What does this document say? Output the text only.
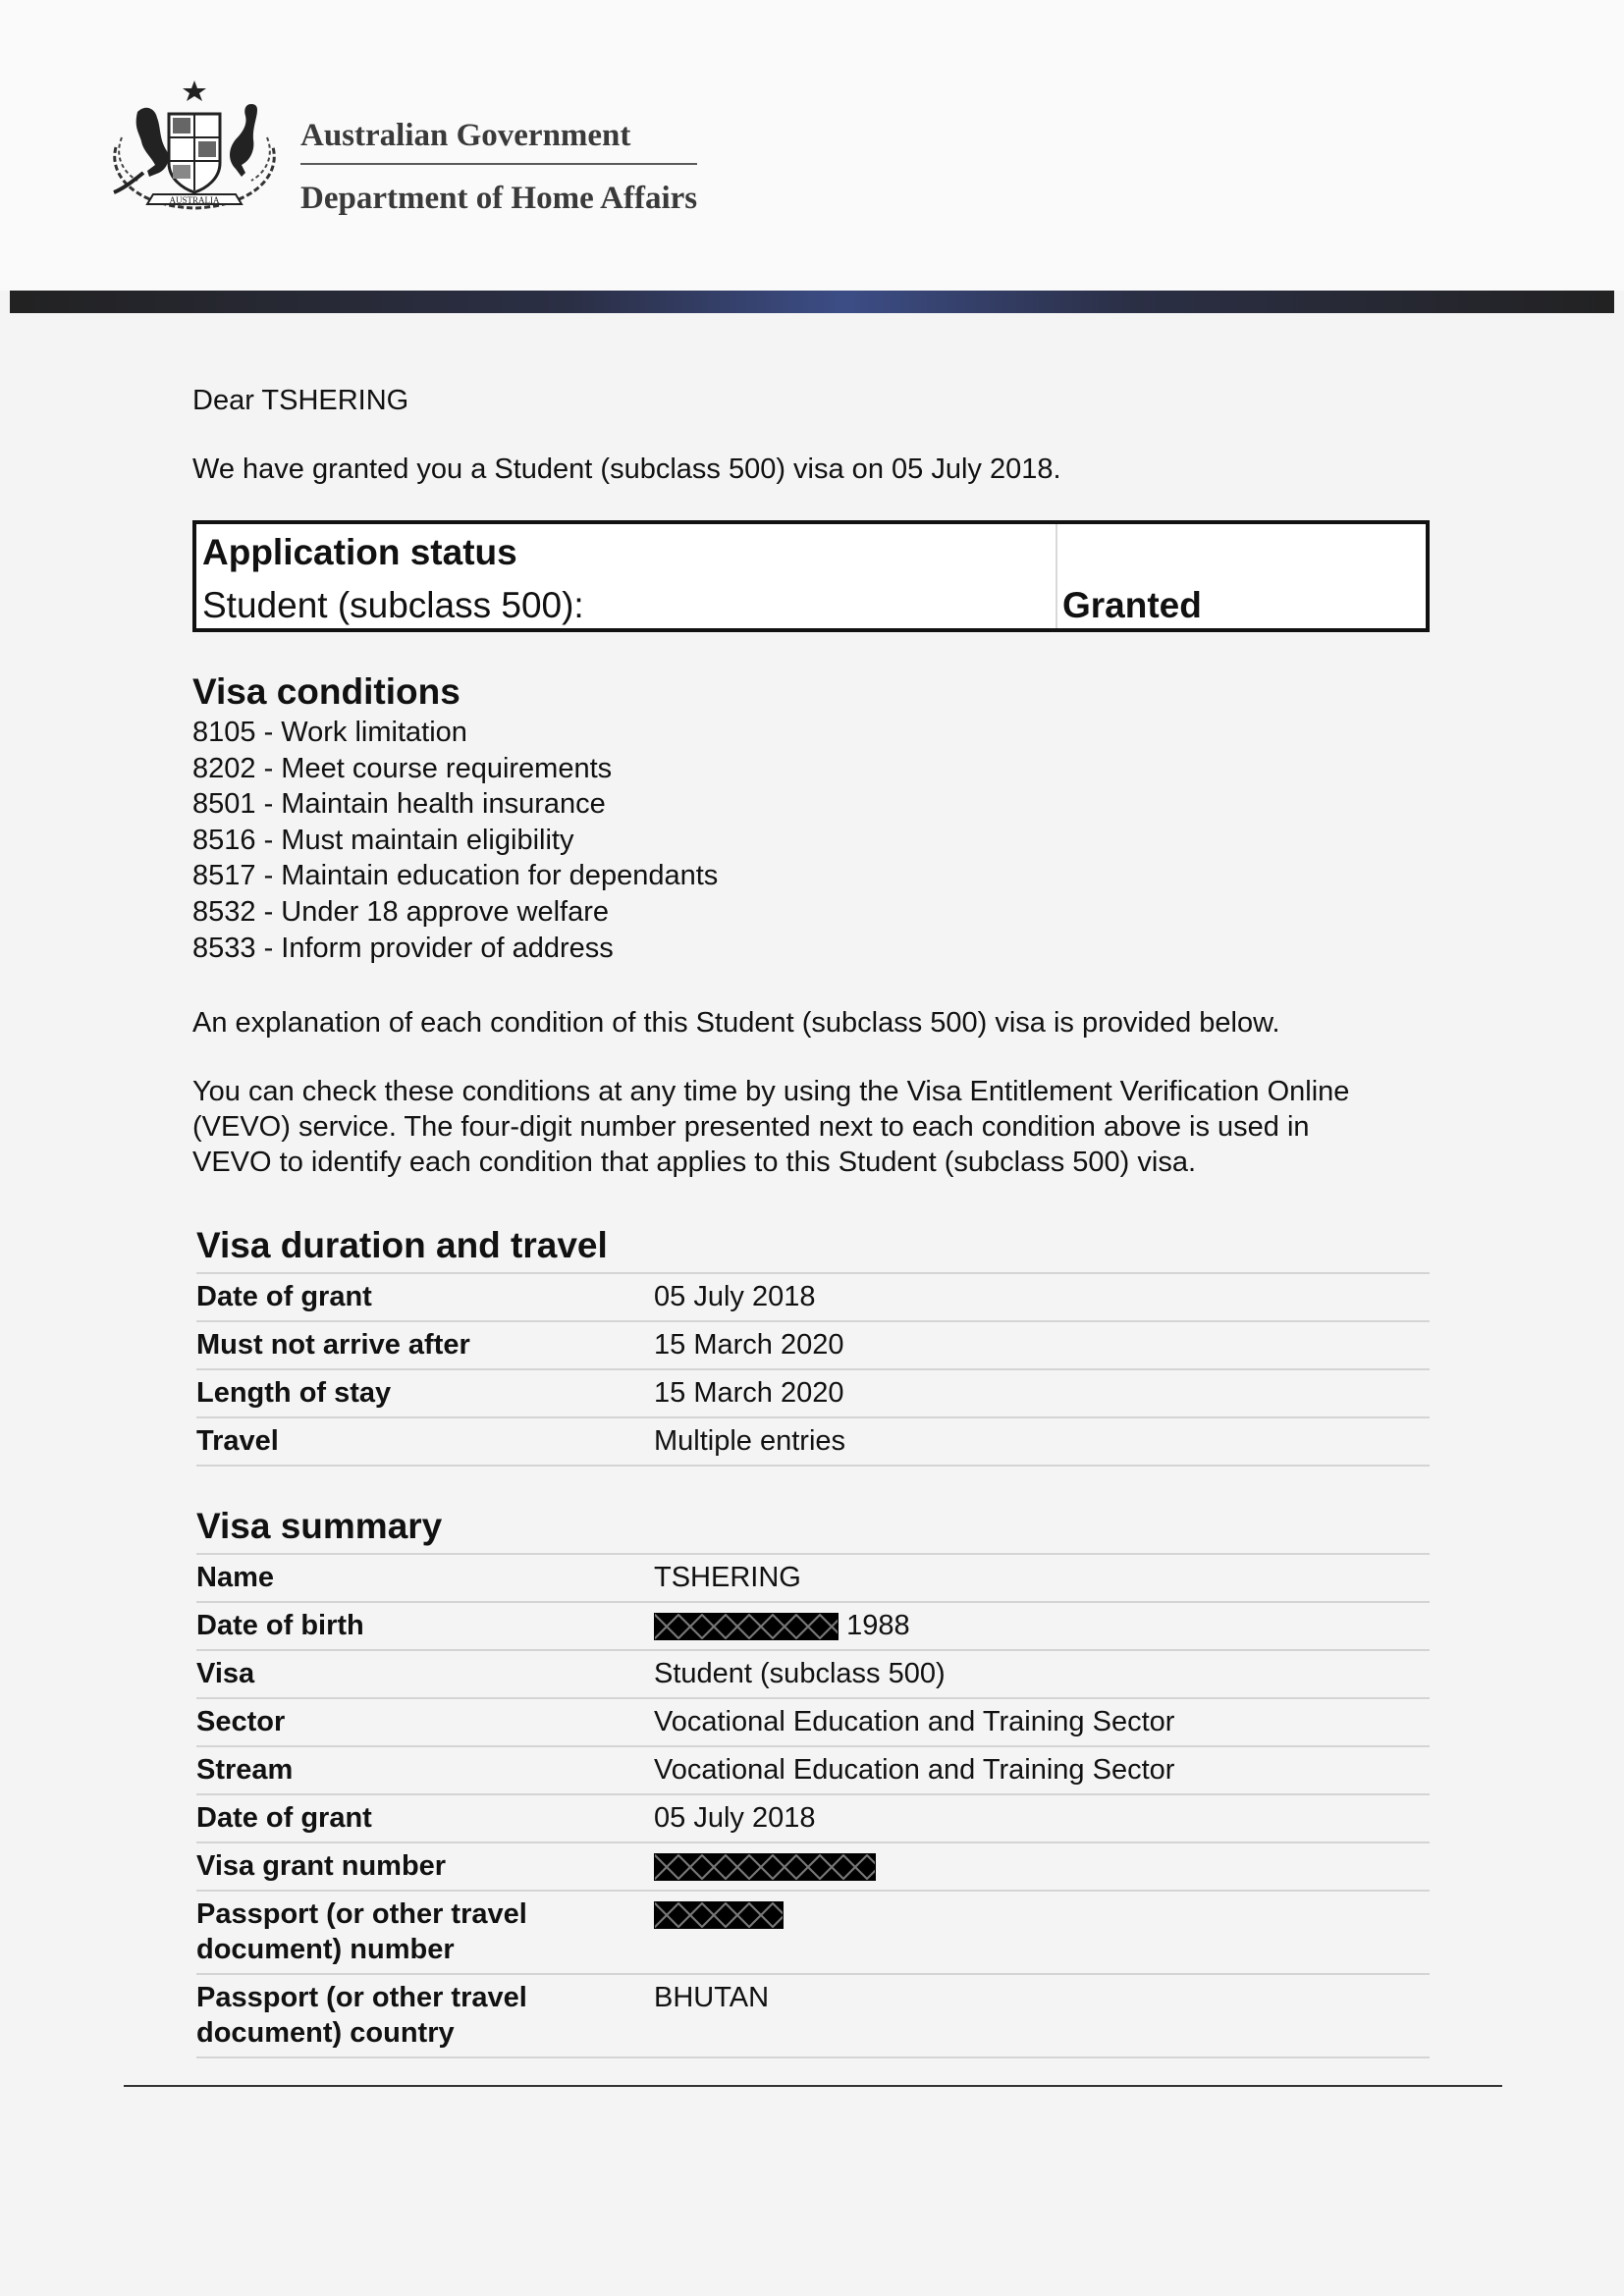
AUSTRALIA
Australian Government
Department of Home Affairs

Dear TSHERING

We have granted you a Student (subclass 500) visa on 05 July 2018.

Application status
Student (subclass 500):	Granted
Visa conditions
8105 - Work limitation
8202 - Meet course requirements
8501 - Maintain health insurance
8516 - Must maintain eligibility
8517 - Maintain education for dependants
8532 - Under 18 approve welfare
8533 - Inform provider of address

An explanation of each condition of this Student (subclass 500) visa is provided below.

You can check these conditions at any time by using the Visa Entitlement Verification Online

(VEVO) service. The four-digit number presented next to each condition above is used in

VEVO to identify each condition that applies to this Student (subclass 500) visa.

Visa duration and travel
Date of grant	05 July 2018
Must not arrive after	15 March 2020
Length of stay	15 March 2020
Travel	Multiple entries
Visa summary
Name	TSHERING
Date of birth	1988
Visa	Student (subclass 500)
Sector	Vocational Education and Training Sector
Stream	Vocational Education and Training Sector
Date of grant	05 July 2018
Visa grant number	
Passport (or other travel
document) number	
Passport (or other travel
document) country	BHUTAN
